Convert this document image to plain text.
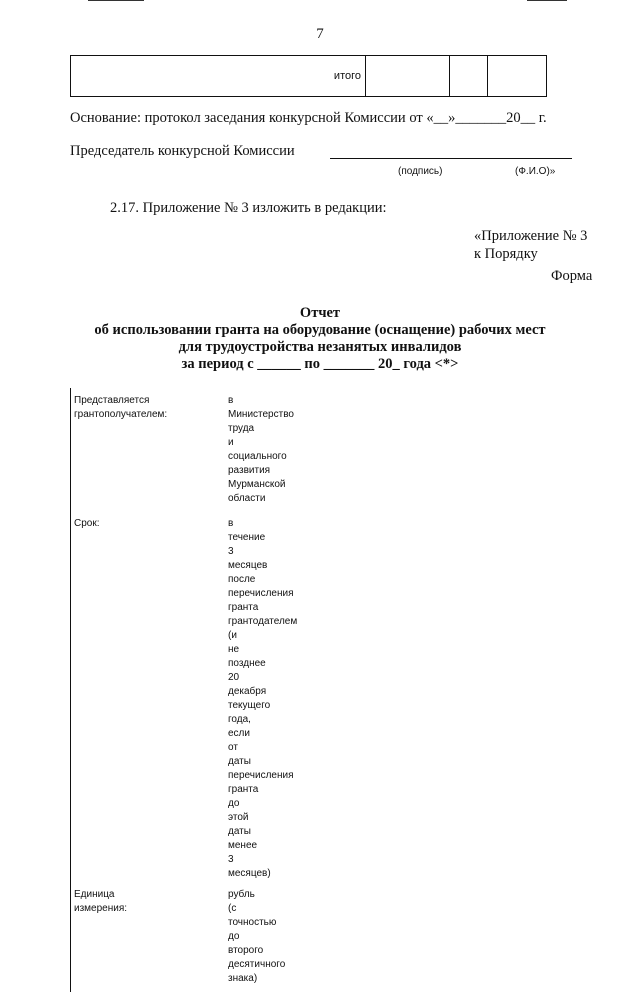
7
итого			
Основание: протокол заседания конкурсной Комиссии от «__»_______20__ г.
Председатель конкурсной Комиссии
(подпись)	(Ф.И.О)»
2.17. Приложение № 3 изложить в редакции:
«Приложение № 3
к Порядку
Форма
Отчет
об использовании гранта на оборудование (оснащение) рабочих мест
для трудоустройства незанятых инвалидов
за период с ______ по _______ 20_ года <*>
Представляется грантополучателем:
в Министерство труда и социального развития Мурманской области

Срок:	в течение 3 месяцев после перечисления гранта грантодателем (и не позднее 20 декабря текущего года, если от даты перечисления гранта до этой даты менее 3 месяцев)

Единица измерения:
рубль (с точностью до второго десятичного знака)
